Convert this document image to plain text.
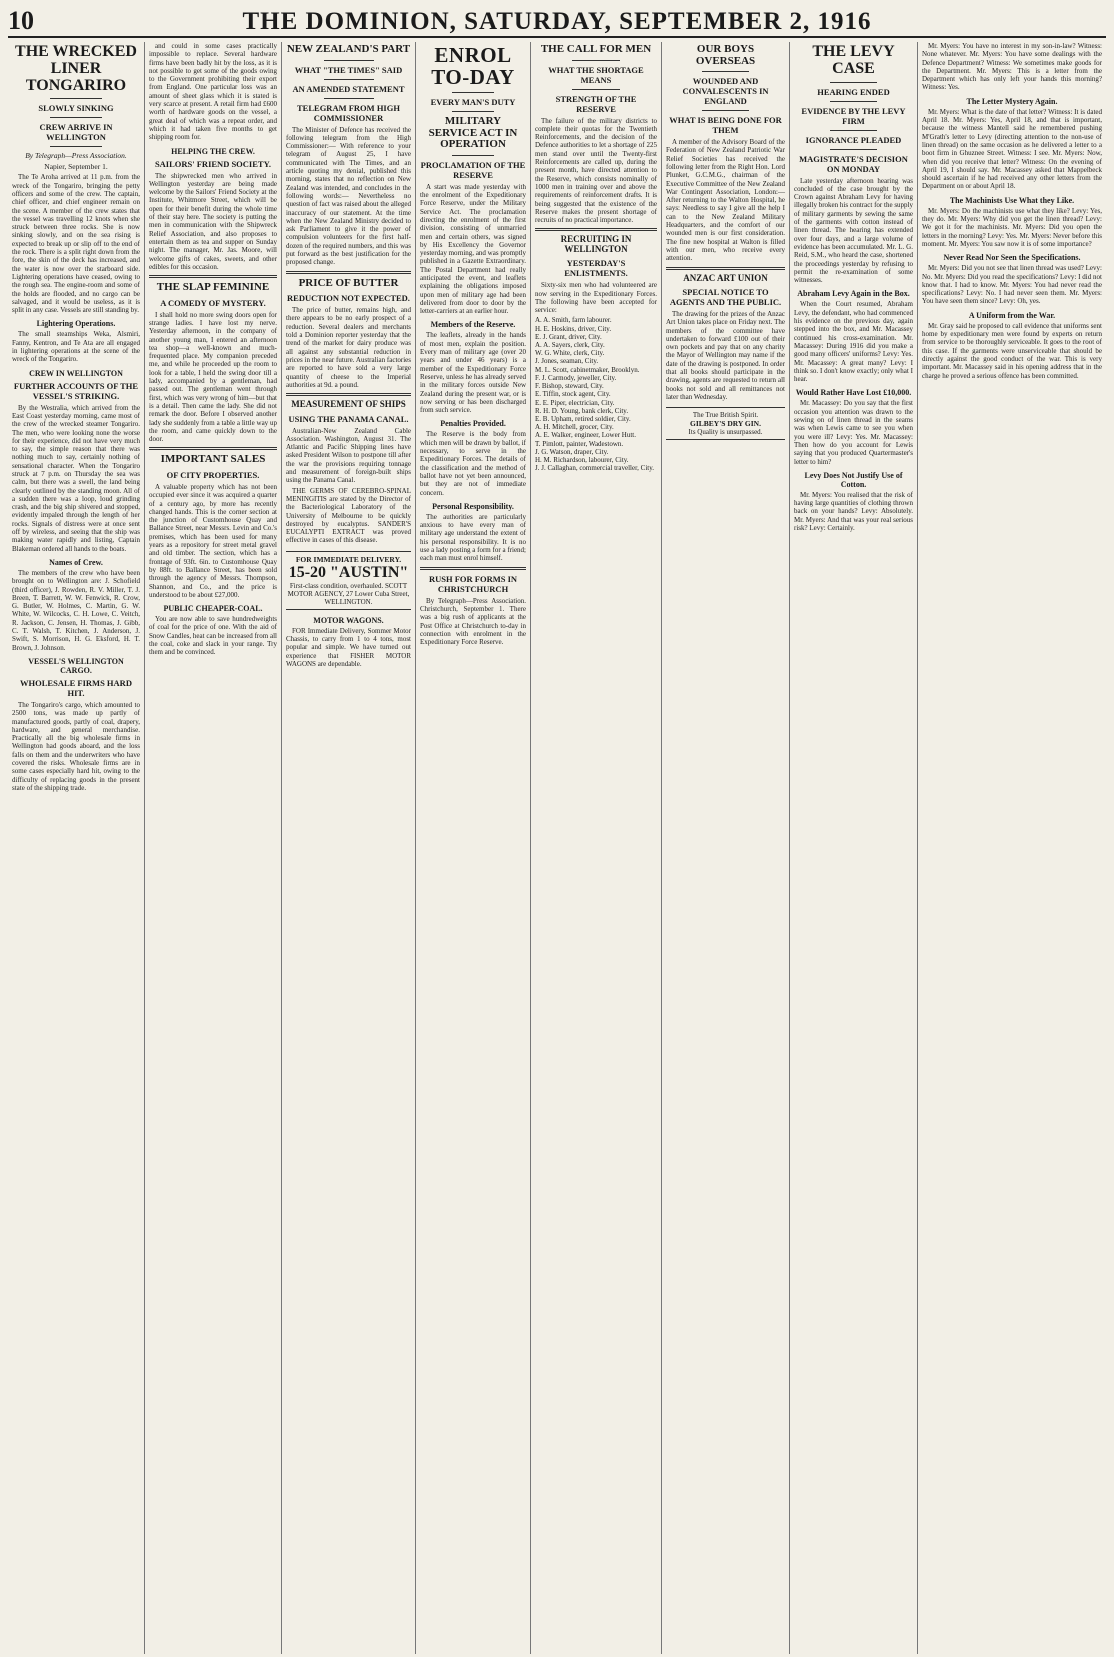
10	THE DOMINION, SATURDAY, SEPTEMBER 2, 1916
THE WRECKED LINER TONGARIRO
SLOWLY SINKING
CREW ARRIVE IN WELLINGTON
By Telegraph—Press Association.
Napier, September 1.

The Te Aroha arrived at 11 p.m. from the wreck of the Tongariro, bringing the petty officers and some of the crew. The captain, chief officer, and chief engineer remain on the scene. A member of the crew states that the vessel was travelling 12 knots when she struck between three rocks. She is now sinking slowly, and on the sea rising is expected to break up or slip off to the end of the rock. There is a split right down from the fore, the skin of the deck has increased, and the water is now over the starboard side. Lightering operations have ceased, owing to the rough sea. The engine-room and some of the holds are flooded, and no cargo can be salvaged, and it would be useless, as it is split in any case. Vessels are still standing by.

Lightering Operations.

The small steamships Weka, Alsmiri, Fanny, Kentron, and Te Ata are all engaged in lightering operations at the scene of the wreck of the Tongariro.

CREW IN WELLINGTON
FURTHER ACCOUNTS OF THE VESSEL'S STRIKING.

By the Westralia, which arrived from the East Coast yesterday morning, came most of the crew of the wrecked steamer Tongariro. The men, who were looking none the worse for their experience, did not have very much to say, the simple reason that there was nothing much to say, certainly nothing of sensational character. When the Tongariro struck at 7 p.m. on Thursday the sea was calm, but there was a swell, the land being clearly outlined by the standing moon. All of a sudden there was a loop, loud grinding crash, and the big ship shivered and stopped, evidently impaled through the length of her rocks. Signals of distress were at once sent off by wireless, and seeing that the ship was making water rapidly and listing, Captain Blakeman ordered all hands to the boats.

Names of Crew.

The members of the crew who have been brought on to Wellington are: J. Schofield (third officer), J. Rowden, R. V. Miller, T. J. Breen, T. Barrett, W. W. Fenwick, R. Crow, G. Butler, W. Holmes, C. Martin, G. W. White, W. Wilcocks, C. H. Lowe, C. Veitch, R. Jackson, C. Jensen, H. Thomas, J. Gibb, C. T. Walsh, T. Kitchen, J. Anderson, J. Swift, S. Morrison, H. G. Eksford, H. T. Brown, J. Johnson.

VESSEL'S WELLINGTON CARGO.
WHOLESALE FIRMS HARD HIT.

The Tongariro's cargo, which amounted to 2500 tons, was made up partly of manufactured goods, partly of coal, drapery, hardware, and general merchandise. Practically all the big wholesale firms in Wellington had goods aboard, and the loss falls on them and the underwriters who have covered the risks. Wholesale firms are in some cases especially hard hit, owing to the difficulty of replacing goods in the present state of the shipping trade.

and could in some cases practically impossible to replace. Several hardware firms have been badly hit by the loss, as it is not possible to get some of the goods owing to the Government prohibiting their export from England. One particular loss was an amount of sheet glass which it is stated is very scarce at present. A retail firm had £600 worth of hardware goods on the vessel, a great deal of which was a repeat order, and which it had taken five months to get shipping room for.

HELPING THE CREW.
SAILORS' FRIEND SOCIETY.

The shipwrecked men who arrived in Wellington yesterday are being made welcome by the Sailors' Friend Society at the Institute, Whitmore Street, which will be open for their benefit during the whole time of their stay here. The society is putting the men in communication with the Shipwreck Relief Association, and also proposes to entertain them as tea and supper on Sunday night. The manager, Mr. Jas. Moore, will welcome gifts of cakes, sweets, and other edibles for this occasion.

THE SLAP FEMININE
A COMEDY OF MYSTERY.

I shall hold no more swing doors open for strange ladies. I have lost my nerve. Yesterday afternoon, in the company of another young man, I entered an afternoon tea shop—a well-known and much-frequented place. My companion preceded me, and while he proceeded up the room to look for a table, I held the swing door till a lady, accompanied by a gentleman, had passed out. The gentleman went through first, which was very wrong of him—but that is a detail. Then came the lady. She did not remark the door. Before I observed another lady she suddenly from a table a little way up the room, and came quickly down to the door.

IMPORTANT SALES
OF CITY PROPERTIES.

A valuable property which has not been occupied ever since it was acquired a quarter of a century ago, by more has recently changed hands. This is the corner section at the junction of Customhouse Quay and Ballance Street, near Messrs. Levin and Co.'s premises, which has been used for many years as a repository for street metal gravel and old timber. The section, which has a frontage of 93ft. 6in. to Customhouse Quay by 88ft. to Ballance Street, has been sold through the agency of Messrs. Thompson, Shannon, and Co., and the price is understood to be about £27,000.

PUBLIC CHEAPER-COAL.

You are now able to save hundredweights of coal for the price of one. With the aid of Snow Candles, heat can be increased from all the coal, coke and slack in your range. Try them and be convinced.

NEW ZEALAND'S PART
WHAT "THE TIMES" SAID
AN AMENDED STATEMENT
TELEGRAM FROM HIGH COMMISSIONER

The Minister of Defence has received the following telegram from the High Commissioner:— With reference to your telegram of August 25, I have communicated with The Times, and an article quoting my denial, published this morning, states that no reflection on New Zealand was intended, and concludes in the following words:— Nevertheless no question of fact was raised about the alleged inaccuracy of our statement. At the time when the New Zealand Ministry decided to ask Parliament to give it the power of compulsion volunteers for the first half-dozen of the required numbers, and this was put forward as the best justification for the proposed change.

PRICE OF BUTTER
REDUCTION NOT EXPECTED.

The price of butter, remains high, and there appears to be no early prospect of a reduction. Several dealers and merchants told a Dominion reporter yesterday that the trend of the market for dairy produce was all against any substantial reduction in prices in the near future. Australian factories are reported to have sold a very large quantity of cheese to the Imperial authorities at 9d. a pound.

MEASUREMENT OF SHIPS
USING THE PANAMA CANAL.

Australian-New Zealand Cable Association. Washington, August 31. The Atlantic and Pacific Shipping lines have asked President Wilson to postpone till after the war the provisions requiring tonnage and measurement of foreign-built ships using the Panama Canal.

THE GERMS OF CEREBRO-SPINAL MENINGITIS are stated by the Director of the Bacteriological Laboratory of the University of Melbourne to be quickly destroyed by eucalyptus. SANDER'S EUCALYPTI EXTRACT was proved effective in cases of this disease.

FOR IMMEDIATE DELIVERY.
15-20 "AUSTIN"
First-class condition, overhauled. SCOTT MOTOR AGENCY, 27 Lower Cuba Street, WELLINGTON.
MOTOR WAGONS.

FOR Immediate Delivery, Sommer Motor Chassis, to carry from 1 to 4 tons, most popular and simple. We have turned out experience that FISHER MOTOR WAGONS are dependable.

ENROL TO-DAY
EVERY MAN'S DUTY
MILITARY SERVICE ACT IN OPERATION
PROCLAMATION OF THE RESERVE

A start was made yesterday with the enrolment of the Expeditionary Force Reserve, under the Military Service Act. The proclamation directing the enrolment of the first division, consisting of unmarried men and certain others, was signed by His Excellency the Governor yesterday morning, and was promptly published in a Gazette Extraordinary. The Postal Department had really anticipated the event, and leaflets explaining the obligations imposed upon men of military age had been delivered from door to door by the letter-carriers at an earlier hour.

Members of the Reserve.

The leaflets, already in the hands of most men, explain the position. Every man of military age (over 20 years and under 46 years) is a member of the Expeditionary Force Reserve, unless he has already served in the military forces outside New Zealand during the present war, or is now serving or has been discharged from such service.

Penalties Provided.

The Reserve is the body from which men will be drawn by ballot, if necessary, to serve in the Expeditionary Forces. The details of the classification and the method of ballot have not yet been announced, but they are not of immediate concern.

Personal Responsibility.

The authorities are particularly anxious to have every man of military age understand the extent of his personal responsibility. It is no use a lady posting a form for a friend; each man must enrol himself.

RUSH FOR FORMS IN CHRISTCHURCH

By Telegraph—Press Association. Christchurch, September 1. There was a big rush of applicants at the Post Office at Christchurch to-day in connection with enrolment in the Expeditionary Force Reserve.

THE CALL FOR MEN
WHAT THE SHORTAGE MEANS
STRENGTH OF THE RESERVE

The failure of the military districts to complete their quotas for the Twentieth Reinforcements, and the decision of the Defence authorities to let a shortage of 225 men stand over until the Twenty-first Reinforcements are called up, during the present month, have directed attention to the Reserve, which consists nominally of 1000 men in training over and above the requirements of reinforcement drafts. It is being suggested that the existence of the Reserve makes the present shortage of recruits of no practical importance.

RECRUITING IN WELLINGTON
YESTERDAY'S ENLISTMENTS.

Sixty-six men who had volunteered are now serving in the Expeditionary Forces. The following have been accepted for service:

A. A. Smith, farm labourer.
H. E. Hoskins, driver, City.
E. J. Grant, driver, City.
A. A. Sayers, clerk, City.
W. G. White, clerk, City.
J. Jones, seaman, City.
M. L. Scott, cabinetmaker, Brooklyn.
F. J. Carmody, jeweller, City.
F. Bishop, steward, City.
E. Tiffin, stock agent, City.
E. E. Piper, electrician, City.
R. H. D. Young, bank clerk, City.
E. B. Upham, retired soldier, City.
A. H. Mitchell, grocer, City.
A. E. Walker, engineer, Lower Hutt.
T. Pimlott, painter, Wadestown.
J. G. Watson, draper, City.
H. M. Richardson, labourer, City.
J. J. Callaghan, commercial traveller, City.
OUR BOYS OVERSEAS
WOUNDED AND CONVALESCENTS IN ENGLAND
WHAT IS BEING DONE FOR THEM

A member of the Advisory Board of the Federation of New Zealand Patriotic War Relief Societies has received the following letter from the Right Hon. Lord Plunket, G.C.M.G., chairman of the Executive Committee of the New Zealand War Contingent Association, London:— After returning to the Walton Hospital, he says: Needless to say I give all the help I can to the New Zealand Military Headquarters, and the comfort of our wounded men is our first consideration. The fine new hospital at Walton is filled with our men, who receive every attention.

ANZAC ART UNION
SPECIAL NOTICE TO AGENTS AND THE PUBLIC.

The drawing for the prizes of the Anzac Art Union takes place on Friday next. The members of the committee have undertaken to forward £100 out of their own pockets and pay that on any charity the Mayor of Wellington may name if the date of the drawing is postponed. In order that all books should participate in the drawing, agents are requested to return all books not sold and all remittances not later than Wednesday.

The True British Spirit.
GILBEY'S DRY GIN.
Its Quality is unsurpassed.
THE LEVY CASE
HEARING ENDED
EVIDENCE BY THE LEVY FIRM
IGNORANCE PLEADED
MAGISTRATE'S DECISION ON MONDAY

Late yesterday afternoon hearing was concluded of the case brought by the Crown against Abraham Levy for having illegally broken his contract for the supply of military garments by sewing the same of the garments with cotton instead of linen thread. The hearing has extended over four days, and a large volume of evidence has been accumulated. Mr. L. G. Reid, S.M., who heard the case, shortened the proceedings yesterday by refusing to permit the re-examination of some witnesses.

Abraham Levy Again in the Box.

When the Court resumed, Abraham Levy, the defendant, who had commenced his evidence on the previous day, again stepped into the box, and Mr. Macassey continued his cross-examination. Mr. Macassey: During 1916 did you make a good many officers' uniforms? Levy: Yes. Mr. Macassey: A great many? Levy: I think so. I don't know exactly; only what I hear.

Would Rather Have Lost £10,000.

Mr. Macassey: Do you say that the first occasion you attention was drawn to the sewing on of linen thread in the seams was when Lewis came to see you when you were ill? Levy: Yes. Mr. Macassey: Then how do you account for Lewis saying that you produced Quartermaster's letter to him?

Levy Does Not Justify Use of Cotton.

Mr. Myers: You realised that the risk of having large quantities of clothing thrown back on your hands? Levy: Absolutely. Mr. Myers: And that was your real serious risk? Levy: Certainly.

Mr. Myers: You have no interest in my son-in-law? Witness: None whatever. Mr. Myers: You have some dealings with the Defence Department? Witness: We sometimes make goods for the Department. Mr. Myers: This is a letter from the Department which has only left your hands this morning? Witness: Yes.

The Letter Mystery Again.

Mr. Myers: What is the date of that letter? Witness: It is dated April 18. Mr. Myers: Yes, April 18, and that is important, because the witness Mantell said he remembered pushing M'Grath's letter to Levy (directing attention to the non-use of linen thread) on the same occasion as he delivered a letter to a boot firm in Ghuznee Street. Witness: I see. Mr. Myers: Now, when did you receive that letter? Witness: On the evening of April 19, I should say. Mr. Macassey asked that Mappelbeck should ascertain if he had received any other letters from the Department on or about April 18.

The Machinists Use What they Like.

Mr. Myers: Do the machinists use what they like? Levy: Yes, they do. Mr. Myers: Why did you get the linen thread? Levy: We got it for the machinists. Mr. Myers: Did you open the letters in the morning? Levy: Yes. Mr. Myers: Never before this moment. Mr. Myers: You saw now it is of some importance?

Never Read Nor Seen the Specifications.

Mr. Myers: Did you not see that linen thread was used? Levy: No. Mr. Myers: Did you read the specifications? Levy: I did not know that. I had to know. Mr. Myers: You had never read the specifications? Levy: No. I had never seen them. Mr. Myers: You have seen them since? Levy: Oh, yes.

A Uniform from the War.

Mr. Gray said he proposed to call evidence that uniforms sent home by expeditionary men were found by experts on return from service to be thoroughly serviceable. It goes to the root of this case. If the garments were unserviceable that should be directly against the good conduct of the war. This is very important. Mr. Macassey said in his opening address that in the charge he proved a serious offence has been committed.
